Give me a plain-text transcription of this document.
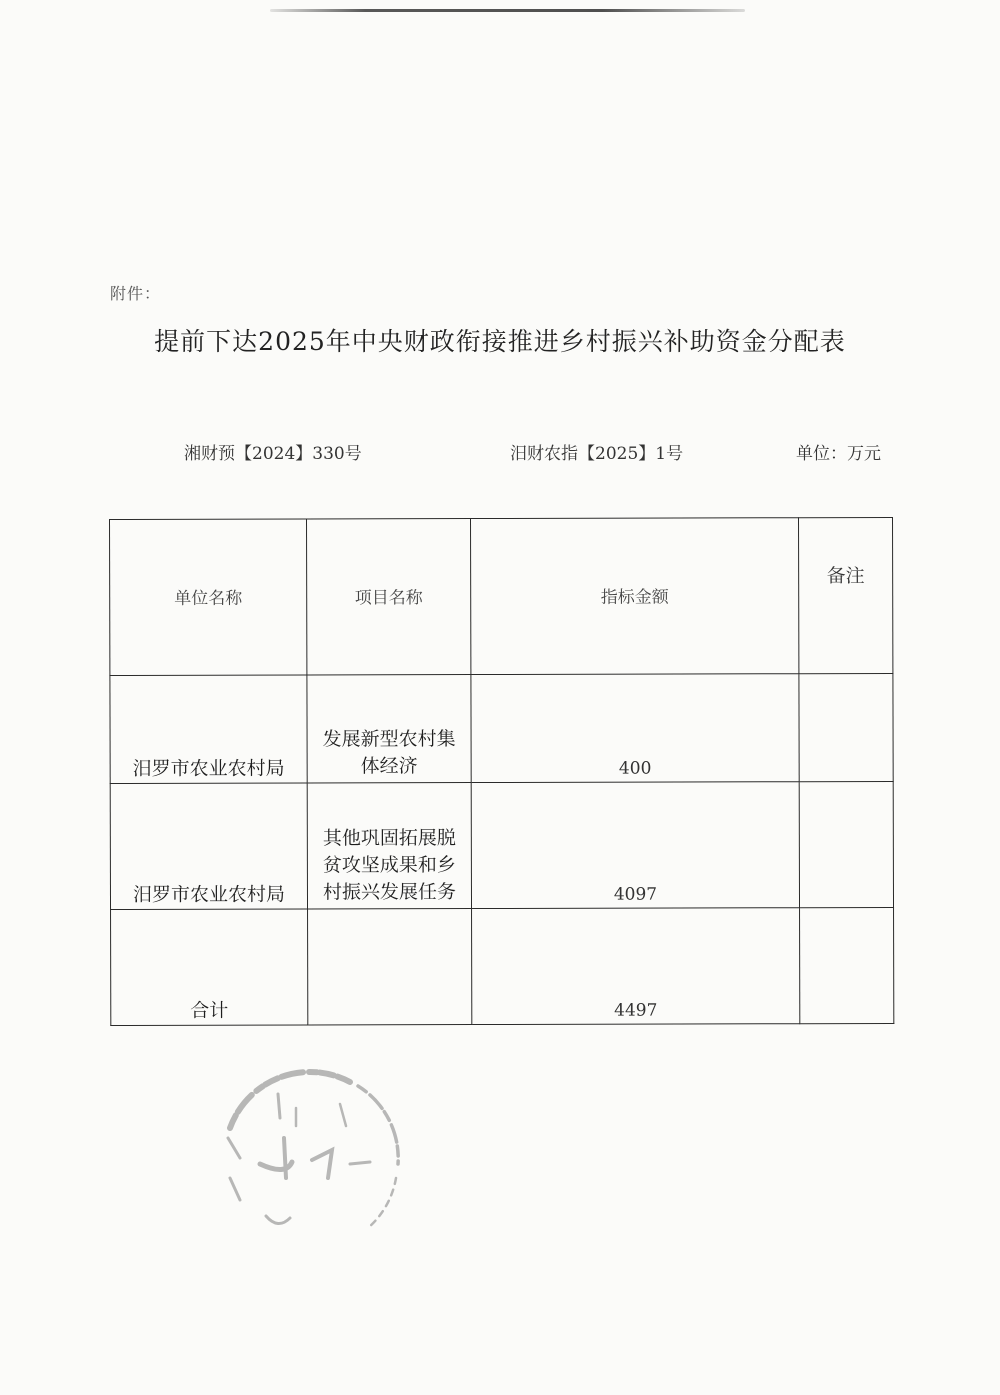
附件：
提前下达2025年中央财政衔接推进乡村振兴补助资金分配表
湘财预【2024】330号	汨财农指【2025】1号	单位：万元
单位名称	项目名称	指标金额	备注
汨罗市农业农村局	发展新型农村集体经济	400	
汨罗市农业农村局	其他巩固拓展脱贫攻坚成果和乡村振兴发展任务	4097	
合计		4497	
